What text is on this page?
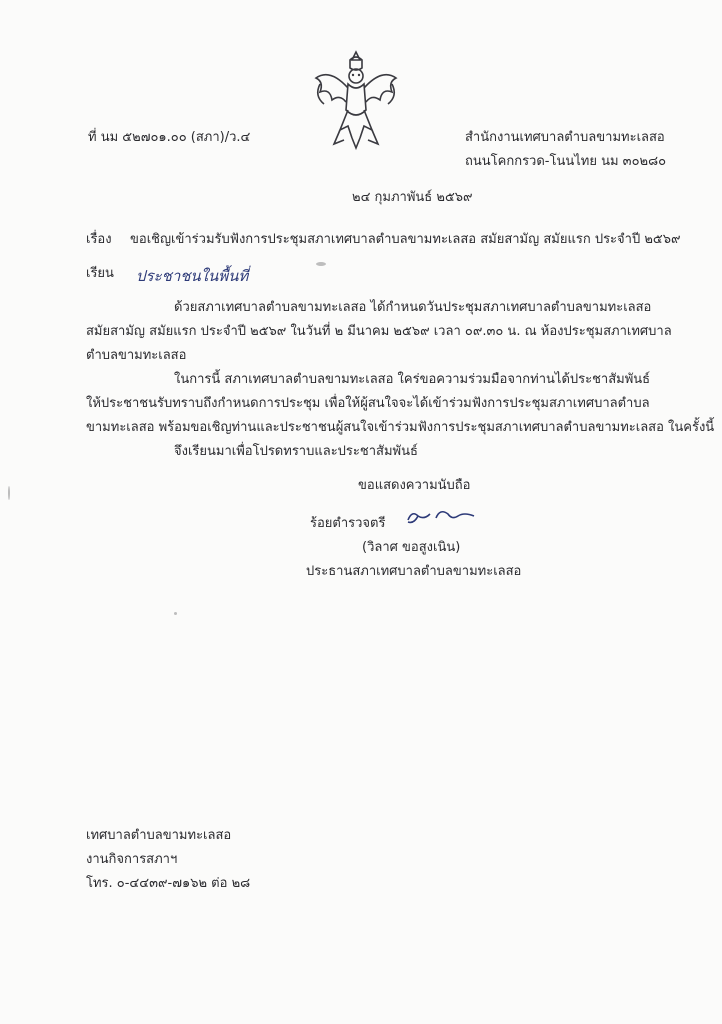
ที่ นม ๕๒๗๐๑.๐๐ (สภา)/ว.๔	สำนักงานเทศบาลตำบลขามทะเลสอ
ถนนโคกกรวด-โนนไทย นม ๓๐๒๘๐
๒๔ กุมภาพันธ์ ๒๕๖๙
เรื่อง ขอเชิญเข้าร่วมรับฟังการประชุมสภาเทศบาลตำบลขามทะเลสอ สมัยสามัญ สมัยแรก ประจำปี ๒๕๖๙
เรียน ประชาชนในพื้นที่
ด้วยสภาเทศบาลตำบลขามทะเลสอ ได้กำหนดวันประชุมสภาเทศบาลตำบลขามทะเลสอ
สมัยสามัญ สมัยแรก ประจำปี ๒๕๖๙ ในวันที่ ๒ มีนาคม ๒๕๖๙ เวลา ๐๙.๓๐ น. ณ ห้องประชุมสภาเทศบาล
ตำบลขามทะเลสอ
ในการนี้ สภาเทศบาลตำบลขามทะเลสอ ใคร่ขอความร่วมมือจากท่านได้ประชาสัมพันธ์
ให้ประชาชนรับทราบถึงกำหนดการประชุม เพื่อให้ผู้สนใจจะได้เข้าร่วมฟังการประชุมสภาเทศบาลตำบล
ขามทะเลสอ พร้อมขอเชิญท่านและประชาชนผู้สนใจเข้าร่วมฟังการประชุมสภาเทศบาลตำบลขามทะเลสอ ในครั้งนี้
จึงเรียนมาเพื่อโปรดทราบและประชาสัมพันธ์
ขอแสดงความนับถือ
ร้อยตำรวจตรี
(วิลาศ ขอสูงเนิน)
ประธานสภาเทศบาลตำบลขามทะเลสอ
เทศบาลตำบลขามทะเลสอ
งานกิจการสภาฯ
โทร. ๐-๔๔๓๙-๗๑๖๒ ต่อ ๒๘
